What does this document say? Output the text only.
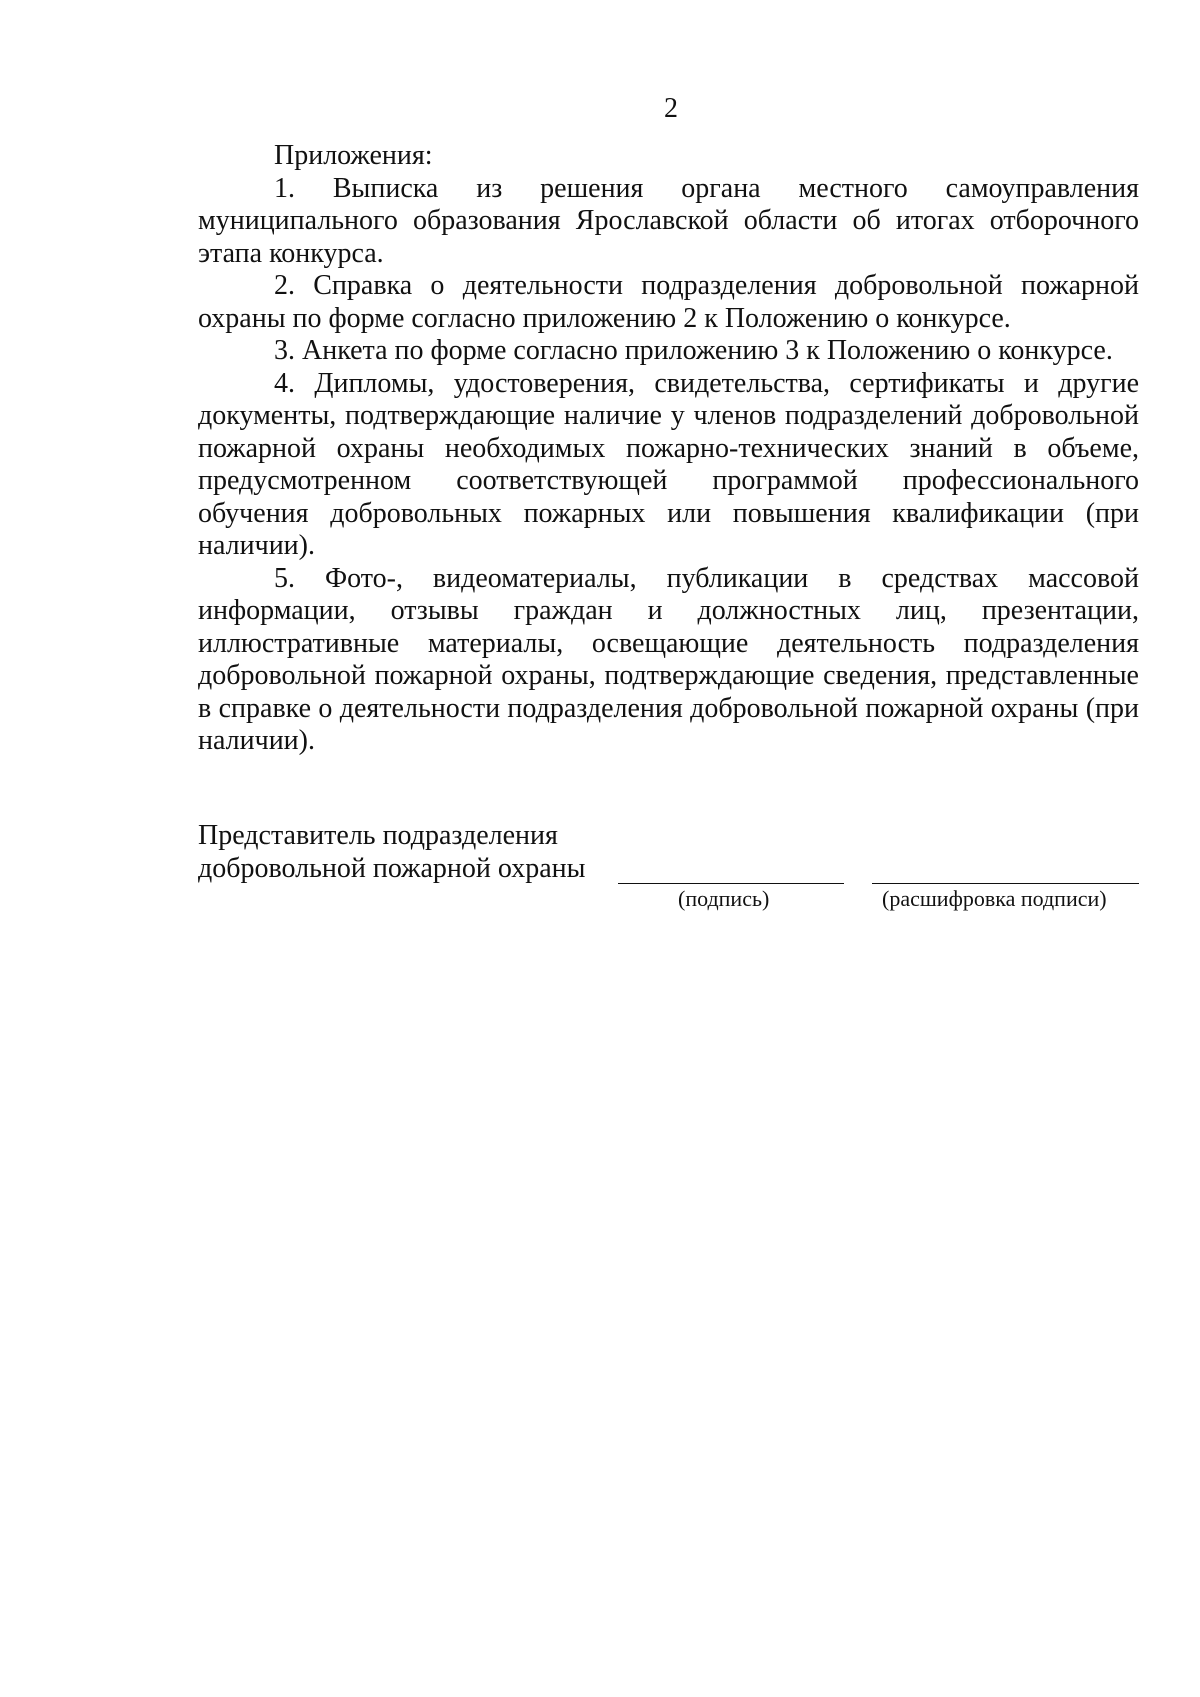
2

Приложения:

1. Выписка из решения органа местного самоуправления муниципального образования Ярославской области об итогах отборочного этапа конкурса.

2. Справка о деятельности подразделения добровольной пожарной охраны по форме согласно приложению 2 к Положению о конкурсе.

3. Анкета по форме согласно приложению 3 к Положению о конкурсе.

4. Дипломы, удостоверения, свидетельства, сертификаты и другие документы, подтверждающие наличие у членов подразделений добровольной пожарной охраны необходимых пожарно-технических знаний в объеме, предусмотренном соответствующей программой профессионального обучения добровольных пожарных или повышения квалификации (при наличии).

5. Фото-, видеоматериалы, публикации в средствах массовой информации, отзывы граждан и должностных лиц, презентации, иллюстративные материалы, освещающие деятельность подразделения добровольной пожарной охраны, подтверждающие сведения, представленные в справке о деятельности подразделения добровольной пожарной охраны (при наличии).

Представитель подразделения
добровольной пожарной охраны
(подпись)	(расшифровка подписи)
